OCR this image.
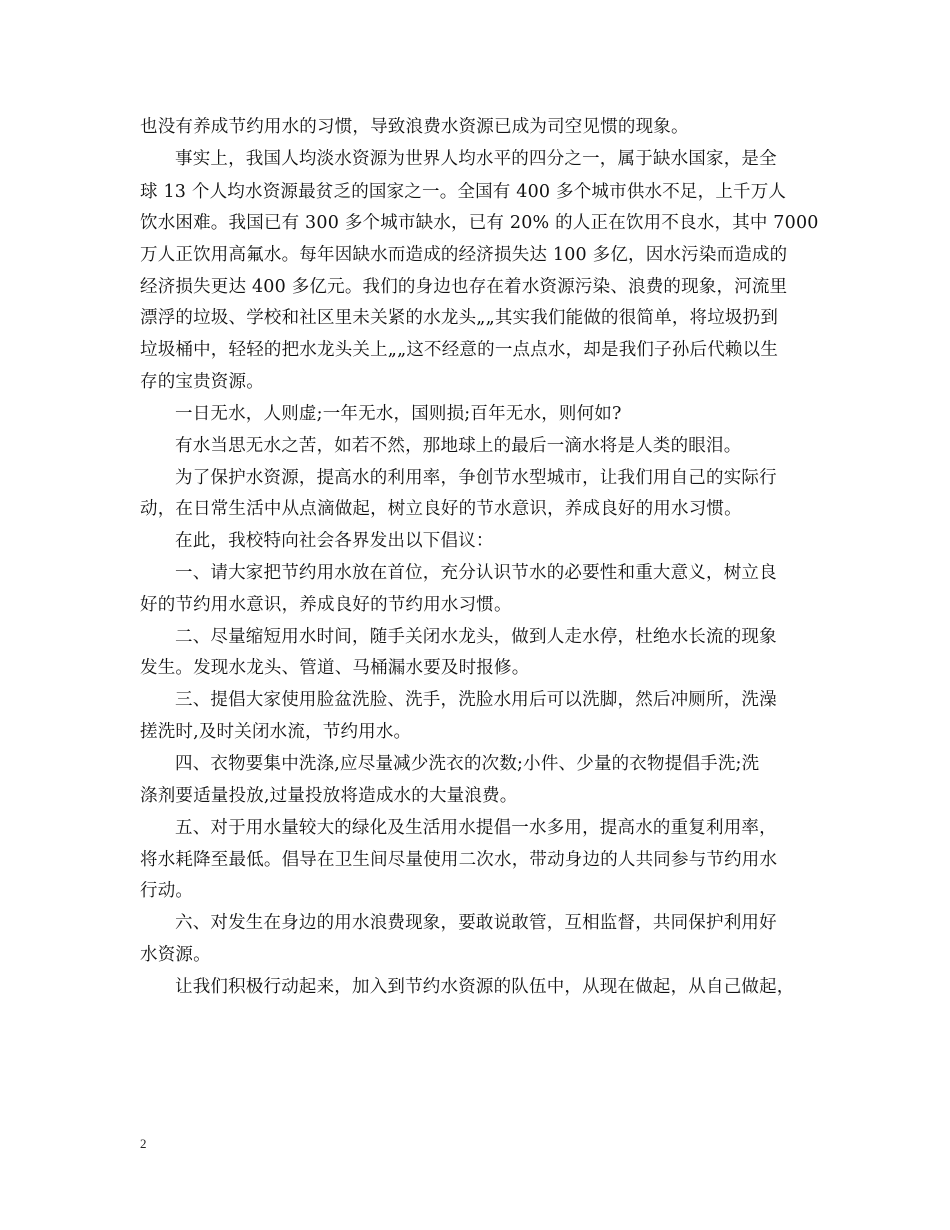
也没有养成节约用水的习惯，导致浪费水资源已成为司空见惯的现象。
事实上，我国人均淡水资源为世界人均水平的四分之一，属于缺水国家，是全
球 13 个人均水资源最贫乏的国家之一。全国有 400 多个城市供水不足，上千万人
饮水困难。我国已有 300 多个城市缺水，已有 20% 的人正在饮用不良水，其中 7000
万人正饮用高氟水。每年因缺水而造成的经济损失达 100 多亿，因水污染而造成的
经济损失更达 400 多亿元。我们的身边也存在着水资源污染、浪费的现象，河流里
漂浮的垃圾、学校和社区里未关紧的水龙头„„其实我们能做的很简单，将垃圾扔到
垃圾桶中，轻轻的把水龙头关上„„这不经意的一点点水，却是我们子孙后代赖以生
存的宝贵资源。
一日无水，人则虚;一年无水，国则损;百年无水，则何如?
有水当思无水之苦，如若不然，那地球上的最后一滴水将是人类的眼泪。
为了保护水资源，提高水的利用率，争创节水型城市，让我们用自己的实际行
动，在日常生活中从点滴做起，树立良好的节水意识，养成良好的用水习惯。
在此，我校特向社会各界发出以下倡议：
一、请大家把节约用水放在首位，充分认识节水的必要性和重大意义，树立良
好的节约用水意识，养成良好的节约用水习惯。
二、尽量缩短用水时间，随手关闭水龙头，做到人走水停，杜绝水长流的现象
发生。发现水龙头、管道、马桶漏水要及时报修。
三、提倡大家使用脸盆洗脸、洗手，洗脸水用后可以洗脚，然后冲厕所，洗澡
搓洗时,及时关闭水流，节约用水。
四、衣物要集中洗涤,应尽量减少洗衣的次数;小件、少量的衣物提倡手洗;洗
涤剂要适量投放,过量投放将造成水的大量浪费。
五、对于用水量较大的绿化及生活用水提倡一水多用，提高水的重复利用率，
将水耗降至最低。倡导在卫生间尽量使用二次水，带动身边的人共同参与节约用水
行动。
六、对发生在身边的用水浪费现象，要敢说敢管，互相监督，共同保护利用好
水资源。
让我们积极行动起来，加入到节约水资源的队伍中，从现在做起，从自己做起，
2
